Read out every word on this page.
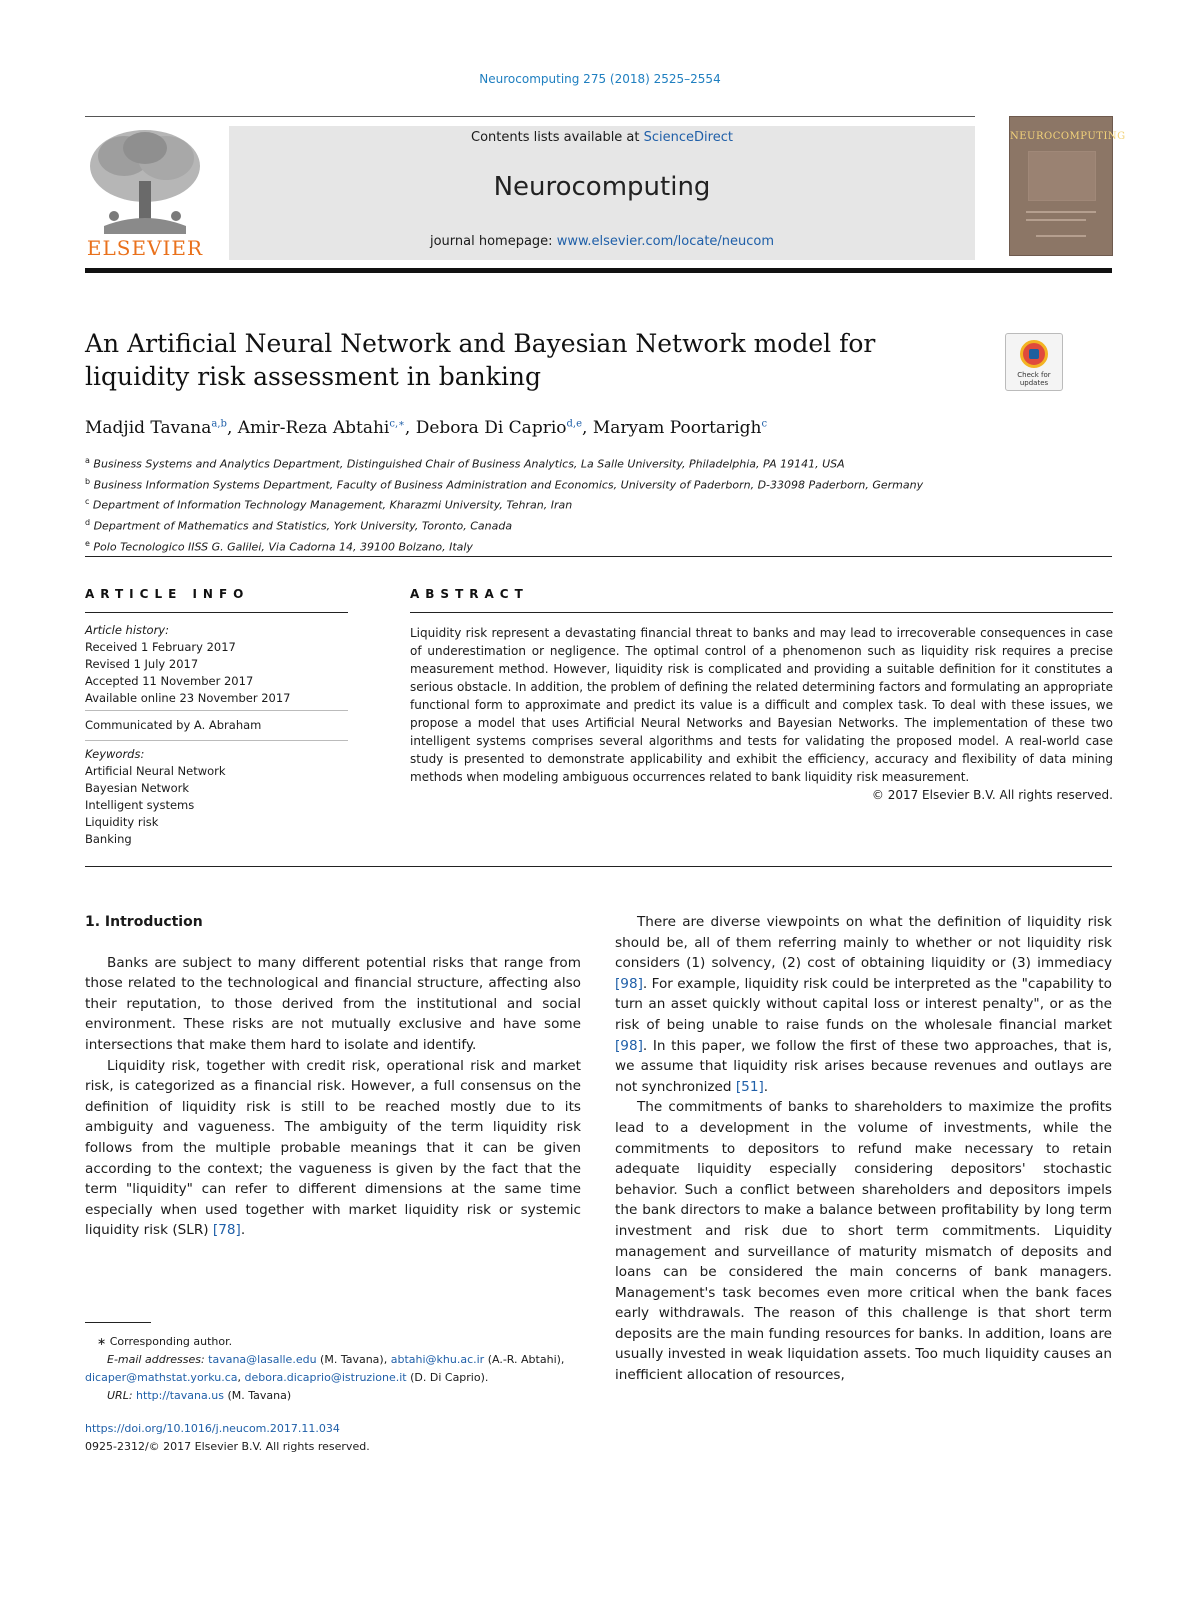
Neurocomputing 275 (2018) 2525–2554
ELSEVIER
Contents lists available at ScienceDirect
Neurocomputing
journal homepage: www.elsevier.com/locate/neucom
NEUROCOMPUTING
An Artificial Neural Network and Bayesian Network model for liquidity risk assessment in banking	Check for updates
Madjid Tavana$^{a,b}$, Amir-Reza Abtahi$^{c,∗}$, Debora Di Caprio$^{d,e}$, Maryam Poortarigh$^c$
$^a$ Business Systems and Analytics Department, Distinguished Chair of Business Analytics, La Salle University, Philadelphia, PA 19141, USA
$^b$ Business Information Systems Department, Faculty of Business Administration and Economics, University of Paderborn, D-33098 Paderborn, Germany
$^c$ Department of Information Technology Management, Kharazmi University, Tehran, Iran
$^d$ Department of Mathematics and Statistics, York University, Toronto, Canada
$^e$ Polo Tecnologico IISS G. Galilei, Via Cadorna 14, 39100 Bolzano, Italy
ARTICLE INFO
Article history:
Received 1 February 2017
Revised 1 July 2017
Accepted 11 November 2017
Available online 23 November 2017
Communicated by A. Abraham
Keywords:
Artificial Neural Network
Bayesian Network
Intelligent systems
Liquidity risk
Banking
ABSTRACT
Liquidity risk represent a devastating financial threat to banks and may lead to irrecoverable consequences in case of underestimation or negligence. The optimal control of a phenomenon such as liquidity risk requires a precise measurement method. However, liquidity risk is complicated and providing a suitable definition for it constitutes a serious obstacle. In addition, the problem of defining the related determining factors and formulating an appropriate functional form to approximate and predict its value is a difficult and complex task. To deal with these issues, we propose a model that uses Artificial Neural Networks and Bayesian Networks. The implementation of these two intelligent systems comprises several algorithms and tests for validating the proposed model. A real-world case study is presented to demonstrate applicability and exhibit the efficiency, accuracy and flexibility of data mining methods when modeling ambiguous occurrences related to bank liquidity risk measurement.
© 2017 Elsevier B.V. All rights reserved.
1. Introduction

Banks are subject to many different potential risks that range from those related to the technological and financial structure, affecting also their reputation, to those derived from the institutional and social environment. These risks are not mutually exclusive and have some intersections that make them hard to isolate and identify.

Liquidity risk, together with credit risk, operational risk and market risk, is categorized as a financial risk. However, a full consensus on the definition of liquidity risk is still to be reached mostly due to its ambiguity and vagueness. The ambiguity of the term liquidity risk follows from the multiple probable meanings that it can be given according to the context; the vagueness is given by the fact that the term "liquidity" can refer to different dimensions at the same time especially when used together with market liquidity risk or systemic liquidity risk (SLR) [78].

There are diverse viewpoints on what the definition of liquidity risk should be, all of them referring mainly to whether or not liquidity risk considers (1) solvency, (2) cost of obtaining liquidity or (3) immediacy [98]. For example, liquidity risk could be interpreted as the "capability to turn an asset quickly without capital loss or interest penalty", or as the risk of being unable to raise funds on the wholesale financial market [98]. In this paper, we follow the first of these two approaches, that is, we assume that liquidity risk arises because revenues and outlays are not synchronized [51].

The commitments of banks to shareholders to maximize the profits lead to a development in the volume of investments, while the commitments to depositors to refund make necessary to retain adequate liquidity especially considering depositors' stochastic behavior. Such a conflict between shareholders and depositors impels the bank directors to make a balance between profitability by long term investment and risk due to short term commitments. Liquidity management and surveillance of maturity mismatch of deposits and loans can be considered the main concerns of bank managers. Management's task becomes even more critical when the bank faces early withdrawals. The reason of this challenge is that short term deposits are the main funding resources for banks. In addition, loans are usually invested in weak liquidation assets. Too much liquidity causes an inefficient allocation of resources,

∗ Corresponding author.
E-mail addresses: tavana@lasalle.edu (M. Tavana), abtahi@khu.ac.ir (A.-R. Abtahi),
dicaper@mathstat.yorku.ca, debora.dicaprio@istruzione.it (D. Di Caprio).
URL: http://tavana.us (M. Tavana)
https://doi.org/10.1016/j.neucom.2017.11.034
0925-2312/© 2017 Elsevier B.V. All rights reserved.
